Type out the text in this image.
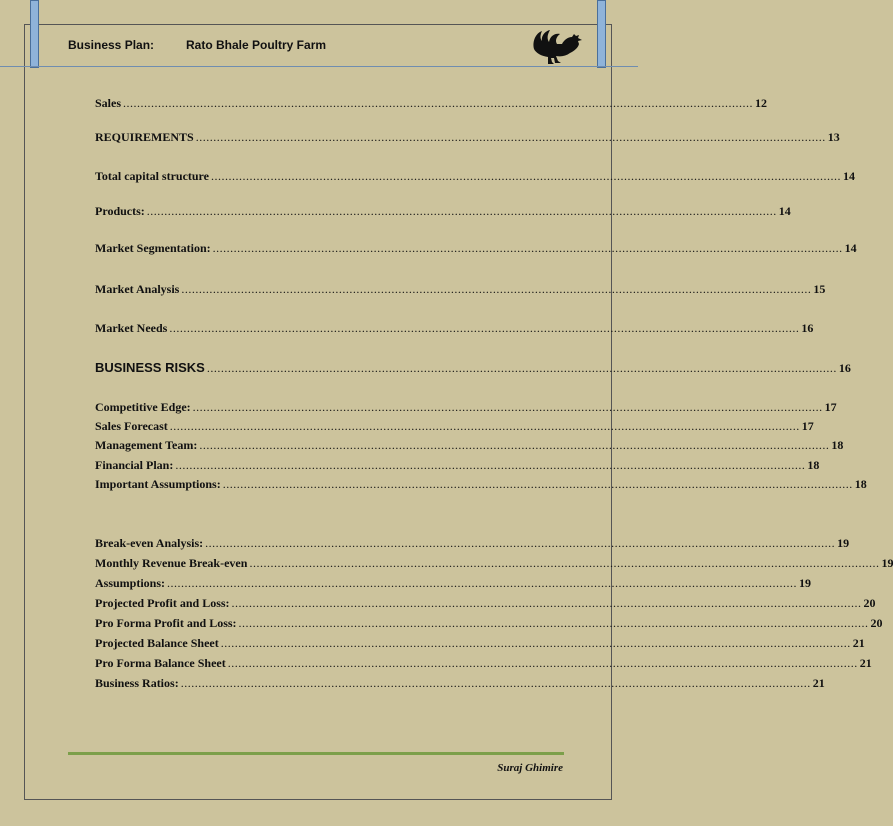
Business Plan:	Rato Bhale Poultry Farm
Sales .................................................................................................................................................................................... 12
REQUIREMENTS .................................................................................................................................................................................... 13
Total capital structure .................................................................................................................................................................................... 14
Products: .................................................................................................................................................................................... 14
Market Segmentation: .................................................................................................................................................................................... 14
Market Analysis .................................................................................................................................................................................... 15
Market Needs .................................................................................................................................................................................... 16
BUSINESS RISKS .................................................................................................................................................................................... 16
Competitive Edge: .................................................................................................................................................................................... 17
Sales Forecast .................................................................................................................................................................................... 17
Management Team: .................................................................................................................................................................................... 18
Financial Plan: .................................................................................................................................................................................... 18
Important Assumptions: .................................................................................................................................................................................... 18
Break-even Analysis: .................................................................................................................................................................................... 19
Monthly Revenue Break-even .................................................................................................................................................................................... 19
Assumptions: .................................................................................................................................................................................... 19
Projected Profit and Loss: .................................................................................................................................................................................... 20
Pro Forma Profit and Loss: .................................................................................................................................................................................... 20
Projected Balance Sheet .................................................................................................................................................................................... 21
Pro Forma Balance Sheet .................................................................................................................................................................................... 21
Business Ratios: .................................................................................................................................................................................... 21
Suraj Ghimire
